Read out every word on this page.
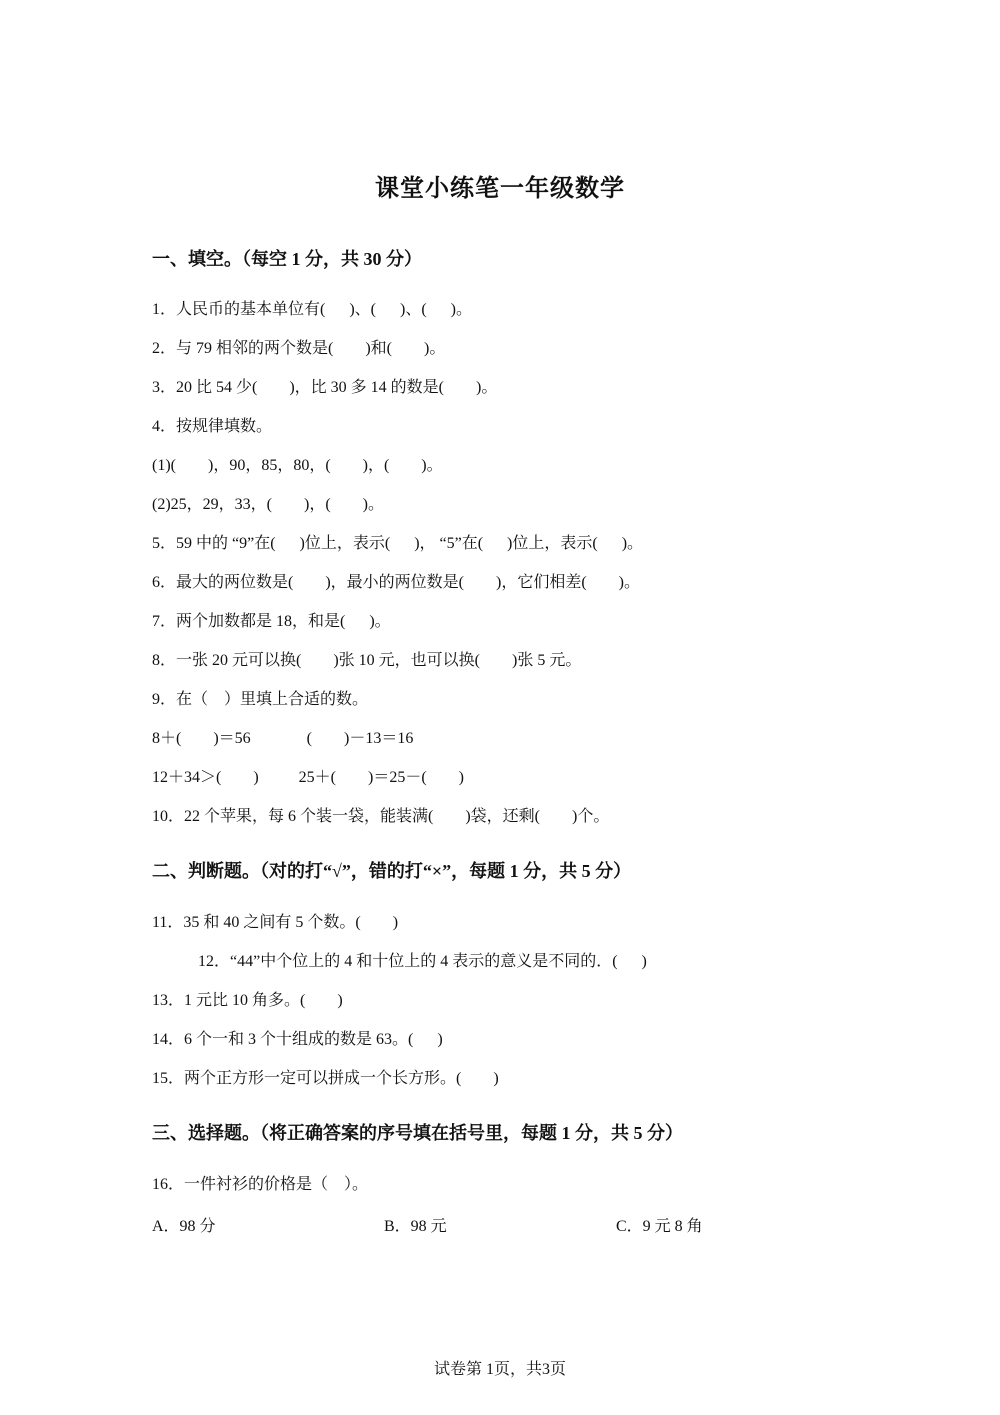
课堂小练笔一年级数学
一、填空。（每空 1 分，共 30 分）
1．人民币的基本单位有(      )、(      )、(      )。
2．与 79 相邻的两个数是(        )和(        )。
3．20 比 54 少(        )，比 30 多 14 的数是(        )。
4．按规律填数。
(1)(        )，90，85，80，(        )，(        )。
(2)25，29，33，(        )，(        )。
5．59 中的 “9”在(      )位上，表示(      )， “5”在(      )位上，表示(      )。
6．最大的两位数是(        )，最小的两位数是(        )，它们相差(        )。
7．两个加数都是 18，和是(      )。
8．一张 20 元可以换(        )张 10 元，也可以换(        )张 5 元。
9．在（    ）里填上合适的数。
8＋(        )＝56              (        )－13＝16
12＋34＞(        )          25＋(        )＝25－(        )
10．22 个苹果，每 6 个装一袋，能装满(        )袋，还剩(        )个。
二、判断题。（对的打“√”，错的打“×”，每题 1 分，共 5 分）
11．35 和 40 之间有 5 个数。(        )
12．“44”中个位上的 4 和十位上的 4 表示的意义是不同的．(      )
13．1 元比 10 角多。(        )
14．6 个一和 3 个十组成的数是 63。(      )
15．两个正方形一定可以拼成一个长方形。(        )
三、选择题。（将正确答案的序号填在括号里，每题 1 分，共 5 分）
16．一件衬衫的价格是（    ）。
A．98 分	B．98 元	C．9 元 8 角
试卷第 1页，共3页
